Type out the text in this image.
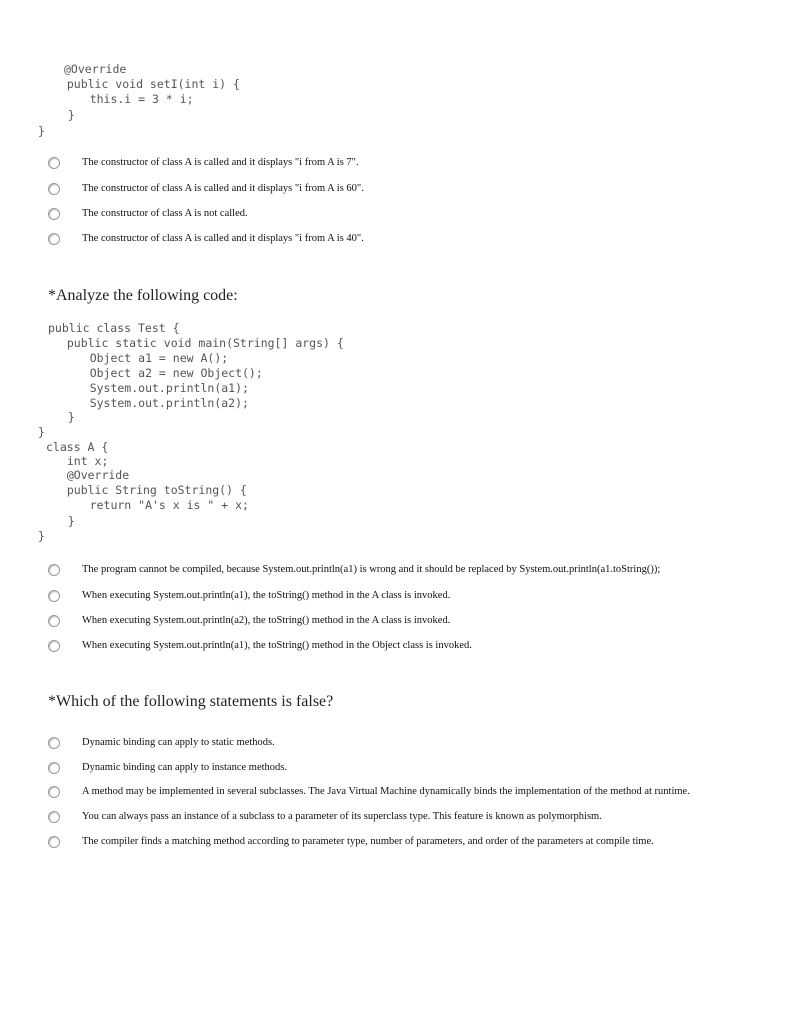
@Override
public void setI(int i) {
this.i = 3 * i;
}
}
The constructor of class A is called and it displays "i from A is 7".
The constructor of class A is called and it displays "i from A is 60".
The constructor of class A is not called.
The constructor of class A is called and it displays "i from A is 40".

*Analyze the following code:

public class Test {
public static void main(String[] args) {
Object a1 = new A();
Object a2 = new Object();
System.out.println(a1);
System.out.println(a2);
}
}
class A {
int x;
@Override
public String toString() {
return "A's x is " + x;
}
}
The program cannot be compiled, because System.out.println(a1) is wrong and it should be replaced by System.out.println(a1.toString());
When executing System.out.println(a1), the toString() method in the A class is invoked.
When executing System.out.println(a2), the toString() method in the A class is invoked.
When executing System.out.println(a1), the toString() method in the Object class is invoked.

*Which of the following statements is false?

Dynamic binding can apply to static methods.
Dynamic binding can apply to instance methods.
A method may be implemented in several subclasses. The Java Virtual Machine dynamically binds the implementation of the method at runtime.
You can always pass an instance of a subclass to a parameter of its superclass type. This feature is known as polymorphism.
The compiler finds a matching method according to parameter type, number of parameters, and order of the parameters at compile time.
